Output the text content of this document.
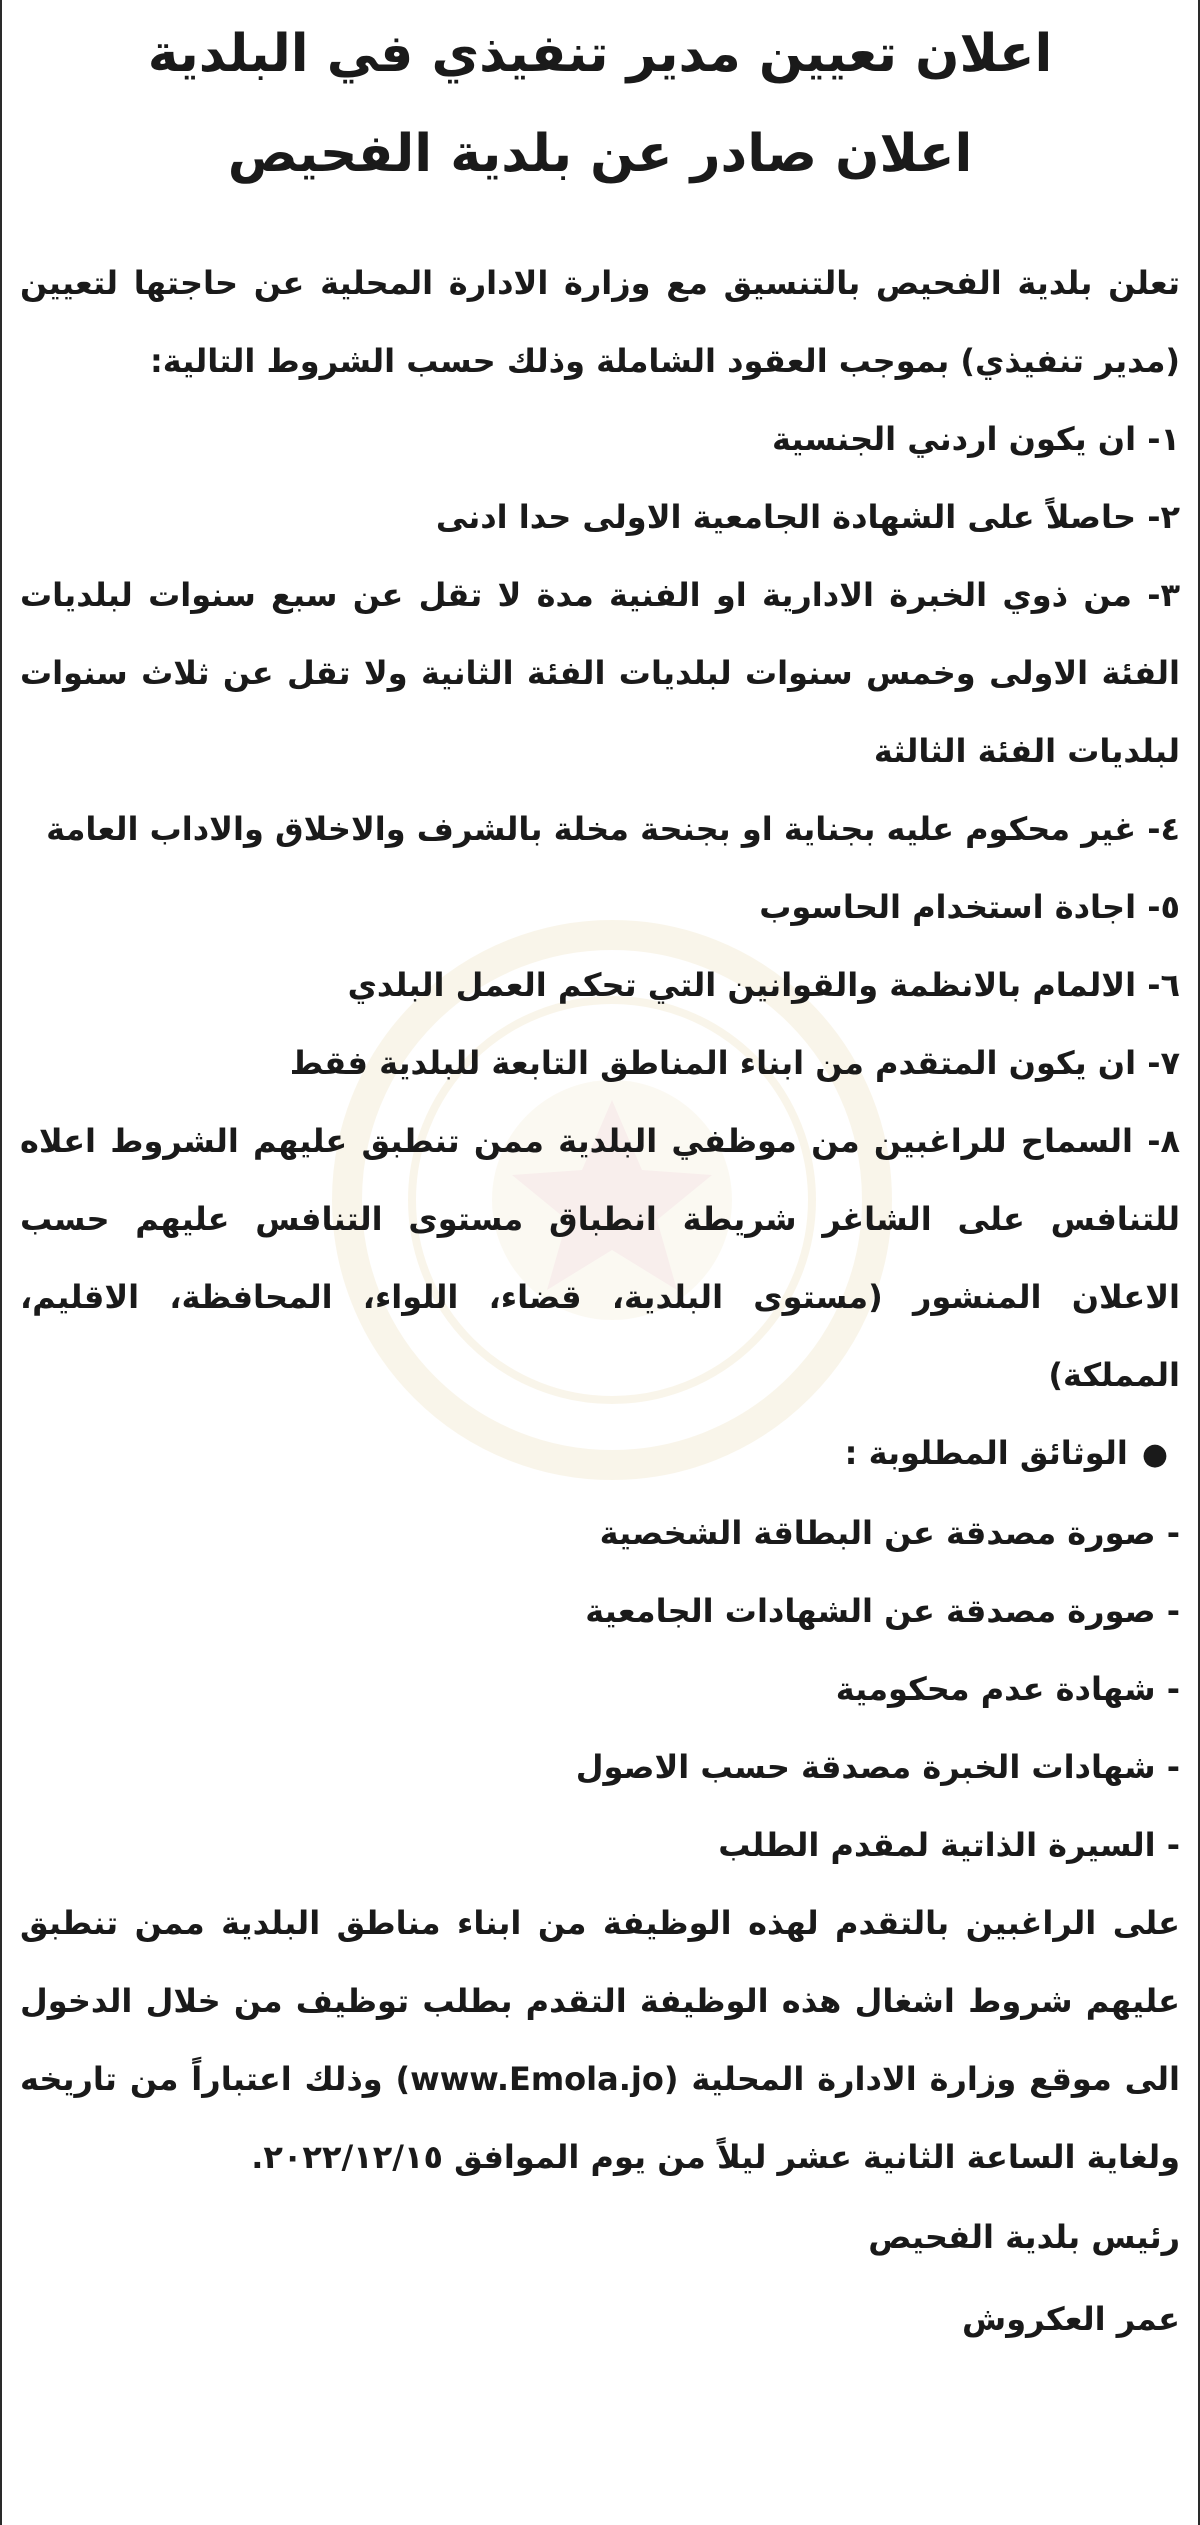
اعلان تعيين مدير تنفيذي في البلدية
اعلان صادر عن بلدية الفحيص

تعلن بلدية الفحيص بالتنسيق مع وزارة الادارة المحلية عن حاجتها لتعيين (مدير تنفيذي) بموجب العقود الشاملة وذلك حسب الشروط التالية:

١- ان يكون اردني الجنسية

٢- حاصلاً على الشهادة الجامعية الاولى حدا ادنى

٣- من ذوي الخبرة الادارية او الفنية مدة لا تقل عن سبع سنوات لبلديات الفئة الاولى وخمس سنوات لبلديات الفئة الثانية ولا تقل عن ثلاث سنوات لبلديات الفئة الثالثة

٤- غير محكوم عليه بجناية او بجنحة مخلة بالشرف والاخلاق والاداب العامة

٥- اجادة استخدام الحاسوب

٦- الالمام بالانظمة والقوانين التي تحكم العمل البلدي

٧- ان يكون المتقدم من ابناء المناطق التابعة للبلدية فقط

٨- السماح للراغبين من موظفي البلدية ممن تنطبق عليهم الشروط اعلاه للتنافس على الشاغر شريطة انطباق مستوى التنافس عليهم حسب الاعلان المنشور (مستوى البلدية، قضاء، اللواء، المحافظة، الاقليم، المملكة)

●الوثائق المطلوبة :

- صورة مصدقة عن البطاقة الشخصية

- صورة مصدقة عن الشهادات الجامعية

- شهادة عدم محكومية

- شهادات الخبرة مصدقة حسب الاصول

- السيرة الذاتية لمقدم الطلب

على الراغبين بالتقدم لهذه الوظيفة من ابناء مناطق البلدية ممن تنطبق عليهم شروط اشغال هذه الوظيفة التقدم بطلب توظيف من خلال الدخول الى موقع وزارة الادارة المحلية (www.Emola.jo) وذلك اعتباراً من تاريخه ولغاية الساعة الثانية عشر ليلاً من يوم الموافق ٢٠٢٢/١٢/١٥.

رئيس بلدية الفحيص

عمر العكروش
